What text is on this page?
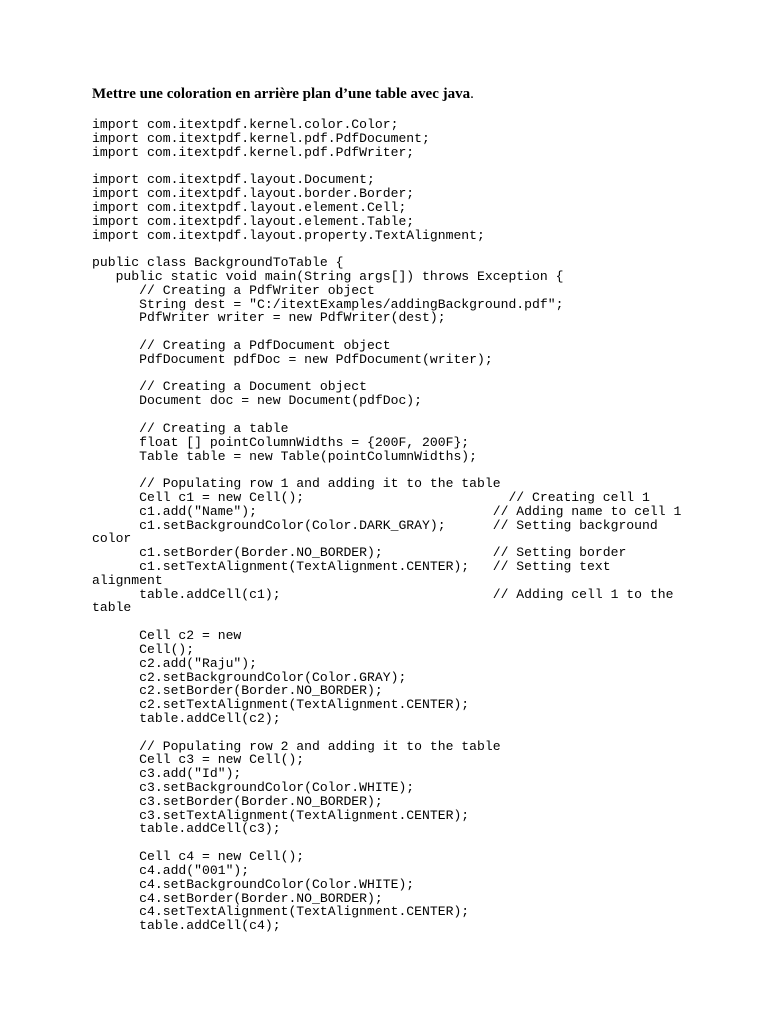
Mettre une coloration en arrière plan d’une table avec java.
import com.itextpdf.kernel.color.Color;
import com.itextpdf.kernel.pdf.PdfDocument;
import com.itextpdf.kernel.pdf.PdfWriter;
import com.itextpdf.layout.Document;
import com.itextpdf.layout.border.Border;
import com.itextpdf.layout.element.Cell;
import com.itextpdf.layout.element.Table;
import com.itextpdf.layout.property.TextAlignment;
public class BackgroundToTable {
public static void main(String args[]) throws Exception {
// Creating a PdfWriter object
String dest = "C:/itextExamples/addingBackground.pdf";
PdfWriter writer = new PdfWriter(dest);
// Creating a PdfDocument object
PdfDocument pdfDoc = new PdfDocument(writer);
// Creating a Document object
Document doc = new Document(pdfDoc);
// Creating a table
float [] pointColumnWidths = {200F, 200F};
Table table = new Table(pointColumnWidths);
// Populating row 1 and adding it to the table
Cell c1 = new Cell();                          // Creating cell 1
c1.add("Name");                              // Adding name to cell 1
c1.setBackgroundColor(Color.DARK_GRAY);      // Setting background
color
c1.setBorder(Border.NO_BORDER);              // Setting border
c1.setTextAlignment(TextAlignment.CENTER);   // Setting text
alignment
table.addCell(c1);                           // Adding cell 1 to the
table
Cell c2 = new
Cell();
c2.add("Raju");
c2.setBackgroundColor(Color.GRAY);
c2.setBorder(Border.NO_BORDER);
c2.setTextAlignment(TextAlignment.CENTER);
table.addCell(c2);
// Populating row 2 and adding it to the table
Cell c3 = new Cell();
c3.add("Id");
c3.setBackgroundColor(Color.WHITE);
c3.setBorder(Border.NO_BORDER);
c3.setTextAlignment(TextAlignment.CENTER);
table.addCell(c3);
Cell c4 = new Cell();
c4.add("001");
c4.setBackgroundColor(Color.WHITE);
c4.setBorder(Border.NO_BORDER);
c4.setTextAlignment(TextAlignment.CENTER);
table.addCell(c4);
